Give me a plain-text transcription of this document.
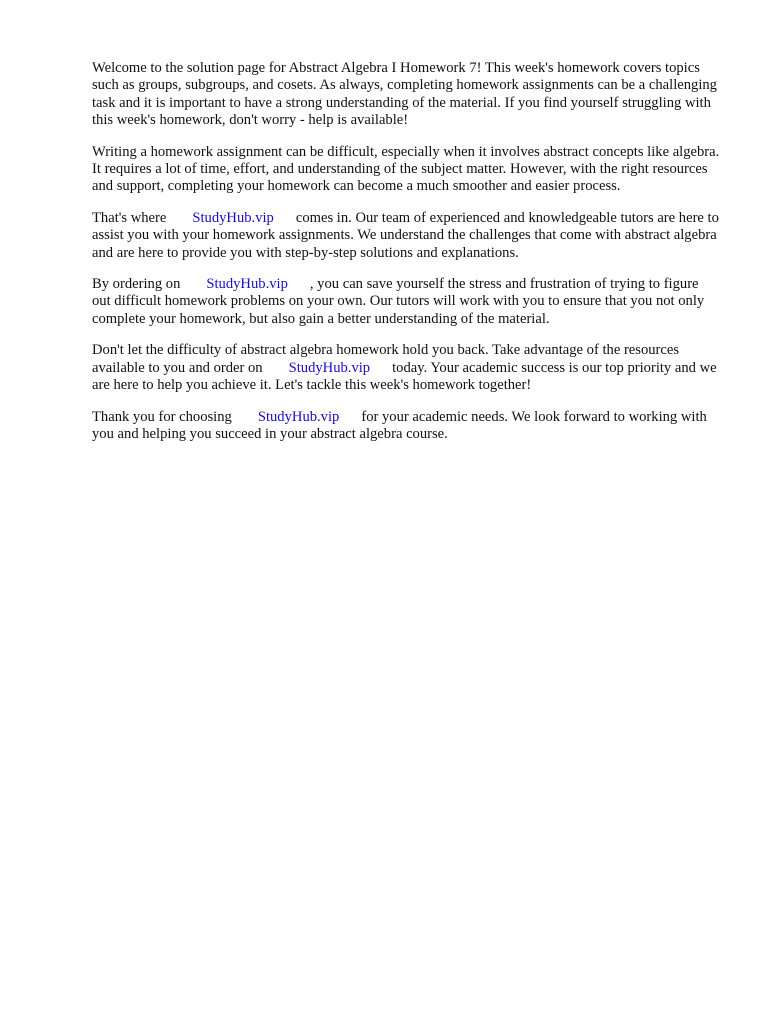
Welcome to the solution page for Abstract Algebra I Homework 7! This week's homework covers topics such as groups, subgroups, and cosets. As always, completing homework assignments can be a challenging task and it is important to have a strong understanding of the material. If you find yourself struggling with this week's homework, don't worry - help is available!

Writing a homework assignment can be difficult, especially when it involves abstract concepts like algebra. It requires a lot of time, effort, and understanding of the subject matter. However, with the right resources and support, completing your homework can become a much smoother and easier process.

That's where StudyHub.vip comes in. Our team of experienced and knowledgeable tutors are here to assist you with your homework assignments. We understand the challenges that come with abstract algebra and are here to provide you with step-by-step solutions and explanations.

By ordering on StudyHub.vip , you can save yourself the stress and frustration of trying to figure out difficult homework problems on your own. Our tutors will work with you to ensure that you not only complete your homework, but also gain a better understanding of the material.

Don't let the difficulty of abstract algebra homework hold you back. Take advantage of the resources available to you and order on StudyHub.vip today. Your academic success is our top priority and we are here to help you achieve it. Let's tackle this week's homework together!

Thank you for choosing StudyHub.vip for your academic needs. We look forward to working with you and helping you succeed in your abstract algebra course.
